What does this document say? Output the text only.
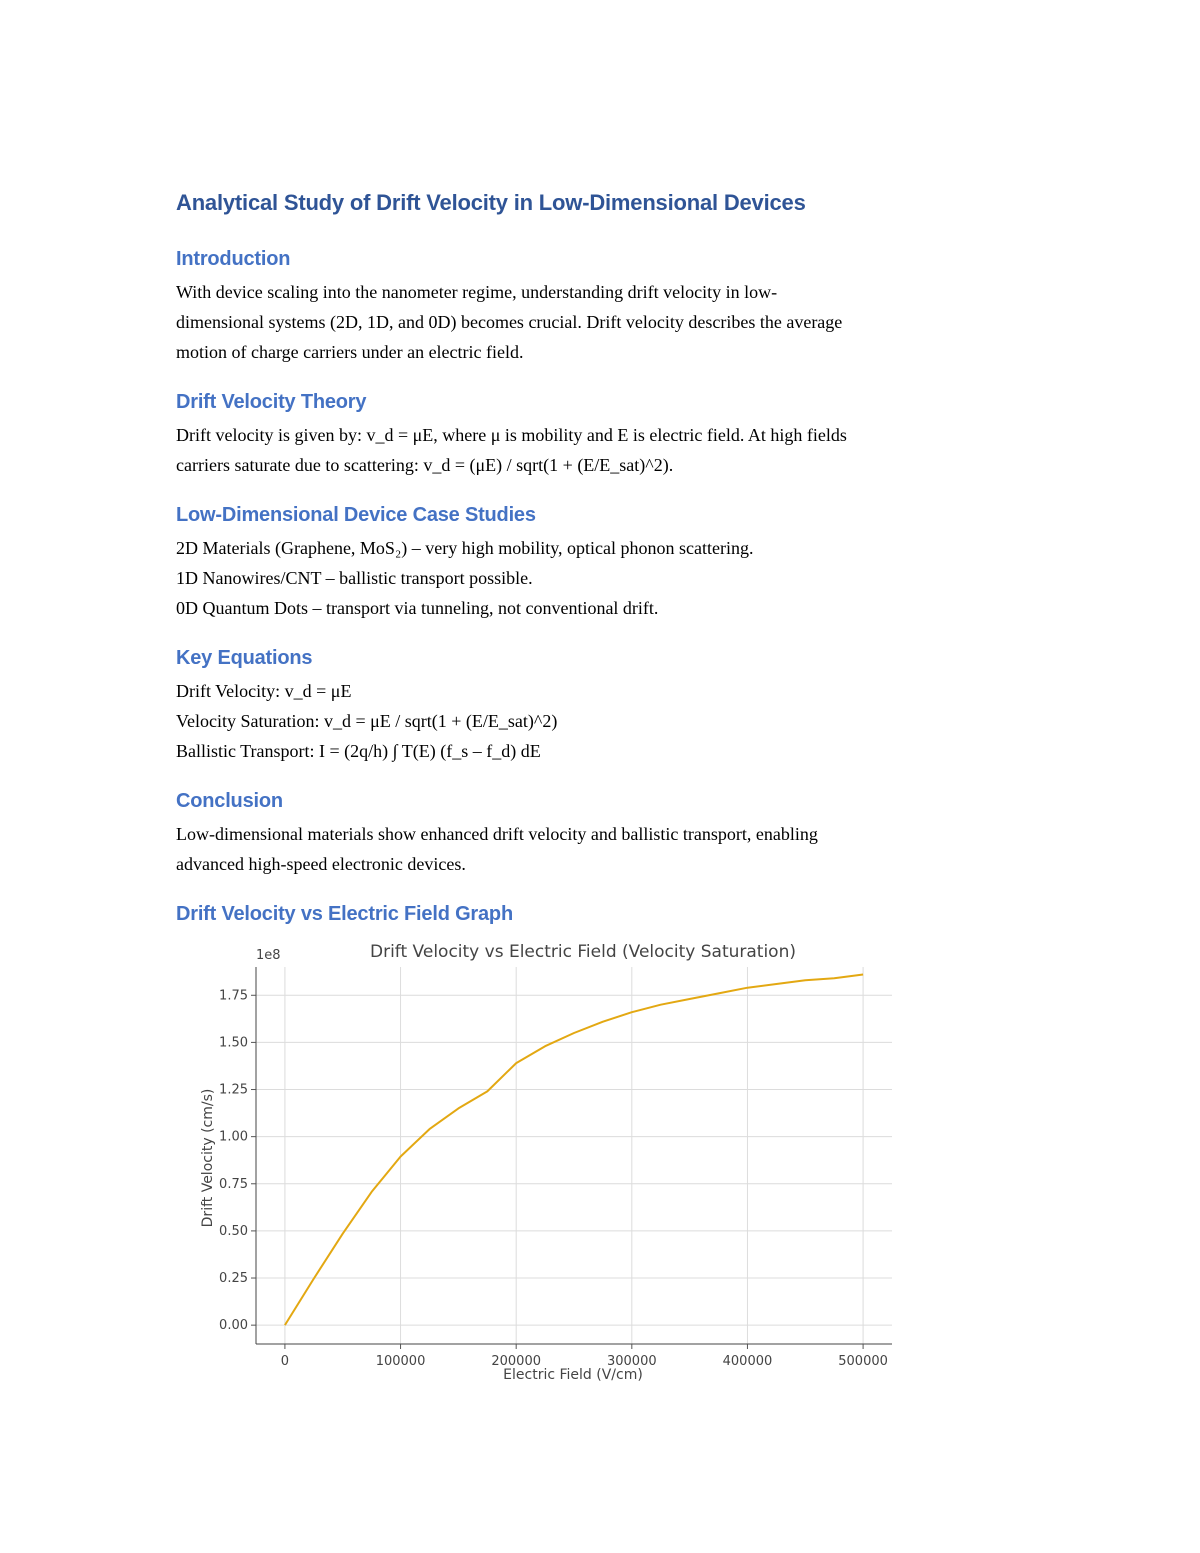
Analytical Study of Drift Velocity in Low-Dimensional Devices
Introduction
With device scaling into the nanometer regime, understanding drift velocity in low-
dimensional systems (2D, 1D, and 0D) becomes crucial. Drift velocity describes the average
motion of charge carriers under an electric field.
Drift Velocity Theory
Drift velocity is given by: v_d = μE, where μ is mobility and E is electric field. At high fields
carriers saturate due to scattering: v_d = (μE) / sqrt(1 + (E/E_sat)^2).
Low-Dimensional Device Case Studies
2D Materials (Graphene, MoS₂) – very high mobility, optical phonon scattering.
1D Nanowires/CNT – ballistic transport possible.
0D Quantum Dots – transport via tunneling, not conventional drift.
Key Equations
Drift Velocity: v_d = μE
Velocity Saturation: v_d = μE / sqrt(1 + (E/E_sat)^2)
Ballistic Transport: I = (2q/h) ∫ T(E) (f_s – f_d) dE
Conclusion
Low-dimensional materials show enhanced drift velocity and ballistic transport, enabling
advanced high-speed electronic devices.
Drift Velocity vs Electric Field Graph
0	100000	200000	300000	400000	500000
0.00
0.25
0.50
0.75
1.00
1.25
1.50
1.75
Drift Velocity vs Electric Field (Velocity Saturation)
1e8
Electric Field (V/cm)
Drift Velocity (cm/s)
